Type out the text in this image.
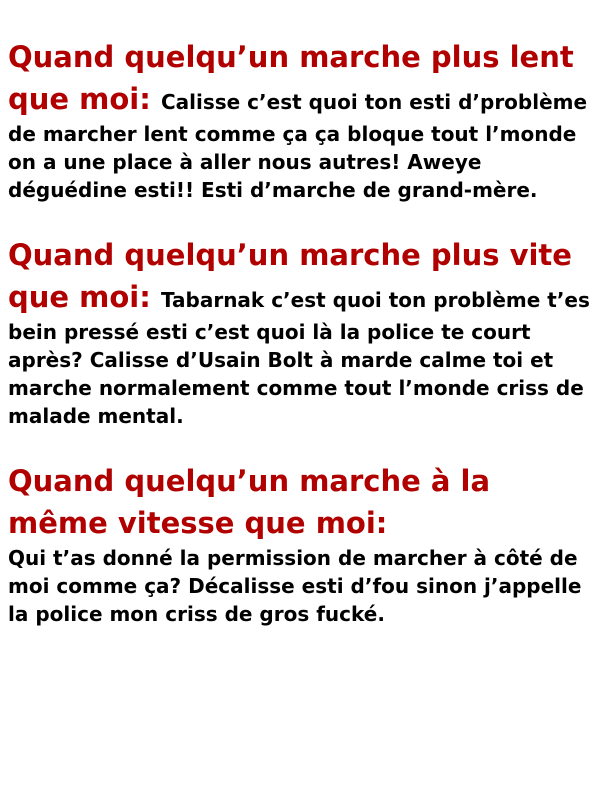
Quand quelqu’un marche plus lent que moi: Calisse c’est quoi ton esti d’problème de marcher lent comme ça ça bloque tout l’monde on a une place à aller nous autres! Aweye déguédine esti!! Esti d’marche de grand-mère.

Quand quelqu’un marche plus vite que moi: Tabarnak c’est quoi ton problème t’es bein pressé esti c’est quoi là la police te court après? Calisse d’Usain Bolt à marde calme toi et marche normalement comme tout l’monde criss de malade mental.

Quand quelqu’un marche à la même vitesse que moi:
Qui t’as donné la permission de marcher à côté de moi comme ça? Décalisse esti d’fou sinon j’appelle la police mon criss de gros fucké.
